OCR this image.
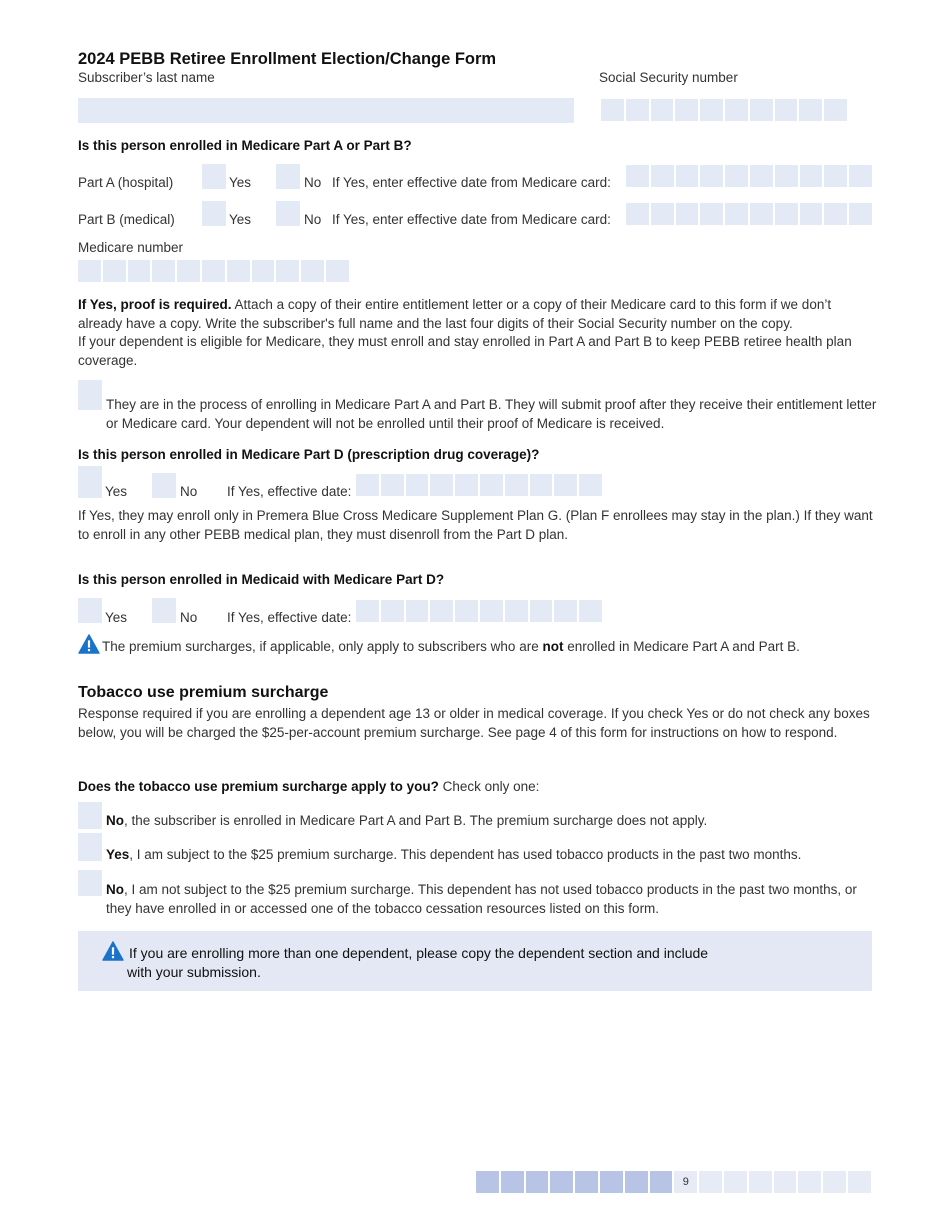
2024 PEBB Retiree Enrollment Election/Change Form
Subscriber’s last name	Social Security number
Is this person enrolled in Medicare Part A or Part B?
Part A (hospital)	Yes	No If Yes, enter effective date from Medicare card:
Part B (medical)	Yes	No If Yes, enter effective date from Medicare card:
Medicare number
If Yes, proof is required. Attach a copy of their entire entitlement letter or a copy of their Medicare card to this form if we don’t already have a copy. Write the subscriber's full name and the last four digits of their Social Security number on the copy.
If your dependent is eligible for Medicare, they must enroll and stay enrolled in Part A and Part B to keep PEBB retiree health plan coverage.
They are in the process of enrolling in Medicare Part A and Part B. They will submit proof after they receive their entitlement letter or Medicare card. Your dependent will not be enrolled until their proof of Medicare is received.
Is this person enrolled in Medicare Part D (prescription drug coverage)?
Yes	No If Yes, effective date:
If Yes, they may enroll only in Premera Blue Cross Medicare Supplement Plan G. (Plan F enrollees may stay in the plan.) If they want to enroll in any other PEBB medical plan, they must disenroll from the Part D plan.
Is this person enrolled in Medicaid with Medicare Part D?
Yes	No If Yes, effective date:
The premium surcharges, if applicable, only apply to subscribers who are not enrolled in Medicare Part A and Part B.
Tobacco use premium surcharge
Response required if you are enrolling a dependent age 13 or older in medical coverage. If you check Yes or do not check any boxes below, you will be charged the $25-per-account premium surcharge. See page 4 of this form for instructions on how to respond.
Does the tobacco use premium surcharge apply to you? Check only one:
No, the subscriber is enrolled in Medicare Part A and Part B. The premium surcharge does not apply.
Yes, I am subject to the $25 premium surcharge. This dependent has used tobacco products in the past two months.
No, I am not subject to the $25 premium surcharge. This dependent has not used tobacco products in the past two months, or they have enrolled in or accessed one of the tobacco cessation resources listed on this form.
If you are enrolling more than one dependent, please copy the dependent section and include
with your submission.
9
